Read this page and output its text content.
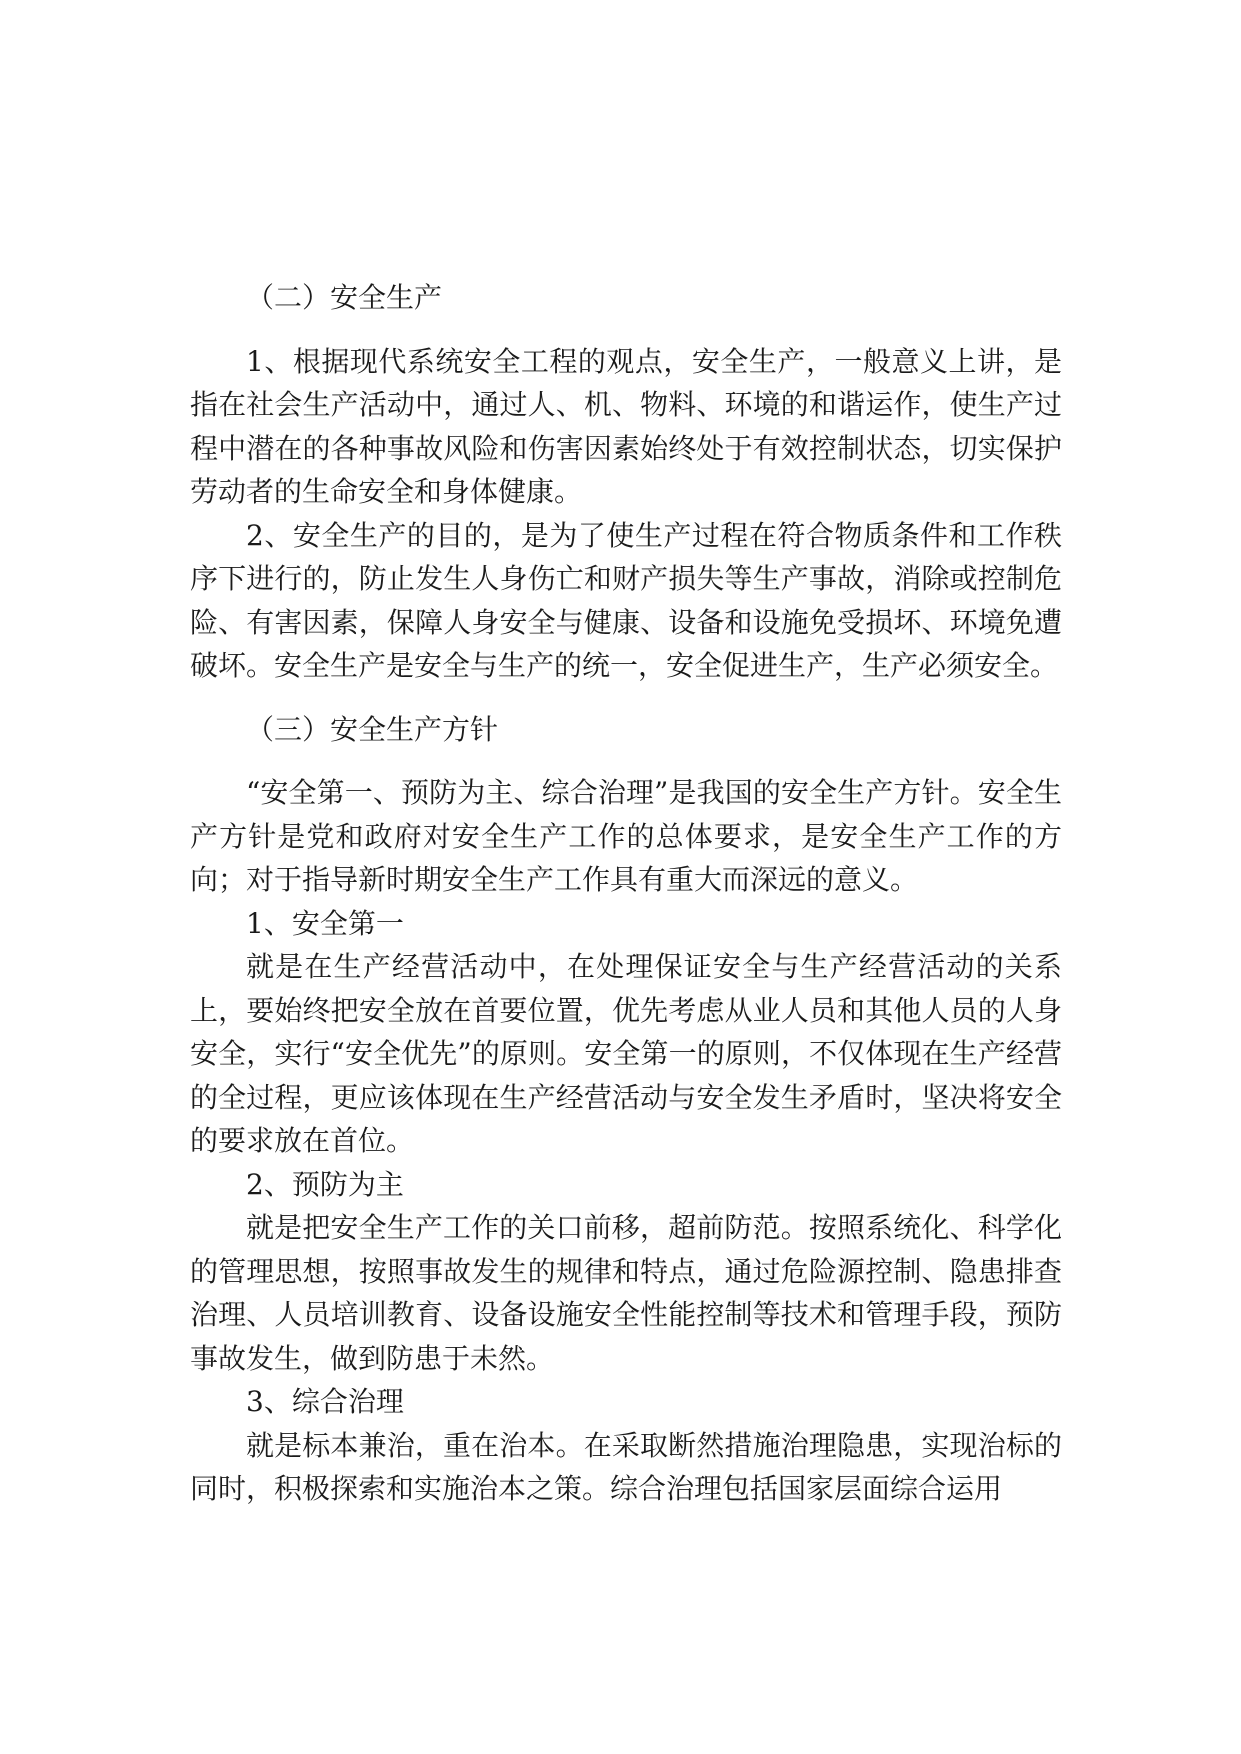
（二）安全生产

1、根据现代系统安全工程的观点，安全生产，一般意义上讲，是指在社会生产活动中，通过人、机、物料、环境的和谐运作，使生产过程中潜在的各种事故风险和伤害因素始终处于有效控制状态，切实保护劳动者的生命安全和身体健康。

2、安全生产的目的，是为了使生产过程在符合物质条件和工作秩序下进行的，防止发生人身伤亡和财产损失等生产事故，消除或控制危险、有害因素，保障人身安全与健康、设备和设施免受损坏、环境免遭破坏。安全生产是安全与生产的统一，安全促进生产，生产必须安全。

（三）安全生产方针

“安全第一、预防为主、综合治理”是我国的安全生产方针。安全生产方针是党和政府对安全生产工作的总体要求，是安全生产工作的方向；对于指导新时期安全生产工作具有重大而深远的意义。

1、安全第一

就是在生产经营活动中，在处理保证安全与生产经营活动的关系上，要始终把安全放在首要位置，优先考虑从业人员和其他人员的人身安全，实行“安全优先”的原则。安全第一的原则，不仅体现在生产经营的全过程，更应该体现在生产经营活动与安全发生矛盾时，坚决将安全的要求放在首位。

2、预防为主

就是把安全生产工作的关口前移，超前防范。按照系统化、科学化的管理思想，按照事故发生的规律和特点，通过危险源控制、隐患排查治理、人员培训教育、设备设施安全性能控制等技术和管理手段，预防事故发生，做到防患于未然。

3、综合治理

就是标本兼治，重在治本。在采取断然措施治理隐患，实现治标的同时，积极探索和实施治本之策。综合治理包括国家层面综合运用
